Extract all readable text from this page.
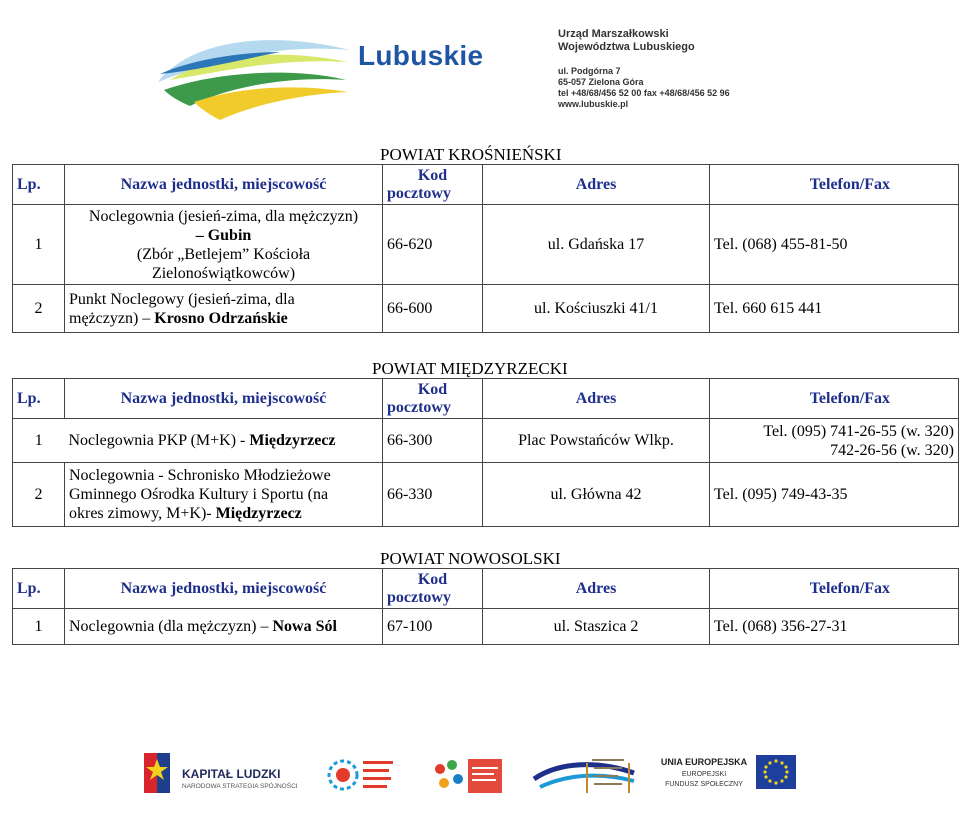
Lubuskie
Urząd Marszałkowski
Województwa Lubuskiego
ul. Podgórna 7
65-057 Zielona Góra
tel +48/68/456 52 00 fax +48/68/456 52 96
www.lubuskie.pl
POWIAT KROŚNIEŃSKI
Lp.	Nazwa jednostki, miejscowość	Kod
pocztowy	Adres	Telefon/Fax
1	Noclegownia (jesień-zima, dla mężczyzn)
– Gubin
(Zbór „Betlejem” Kościoła
Zielonoświątkowców)	66-620	ul. Gdańska 17	Tel. (068) 455-81-50
2	Punkt Noclegowy (jesień-zima, dla
mężczyzn) – Krosno Odrzańskie	66-600	ul. Kościuszki 41/1	Tel. 660 615 441
POWIAT MIĘDZYRZECKI
Lp.	Nazwa jednostki, miejscowość	Kod
pocztowy	Adres	Telefon/Fax
1	Noclegownia PKP (M+K) - Międzyrzecz	66-300	Plac Powstańców Wlkp.	Tel. (095) 741-26-55 (w. 320)
742-26-56 (w. 320)

2	Noclegownia - Schronisko Młodzieżowe
Gminnego Ośrodka Kultury i Sportu (na
okres zimowy, M+K)- Międzyrzecz	66-330	ul. Główna 42	Tel. (095) 749-43-35
POWIAT NOWOSOLSKI
Lp.	Nazwa jednostki, miejscowość	Kod
pocztowy	Adres	Telefon/Fax
1	Noclegownia (dla mężczyzn) – Nowa Sól	67-100	ul. Staszica 2	Tel. (068) 356-27-31
KAPITAŁ LUDZKI
NARODOWA STRATEGIA SPÓJNOŚCI
UNIA EUROPEJSKA
EUROPEJSKI
FUNDUSZ SPOŁECZNY
